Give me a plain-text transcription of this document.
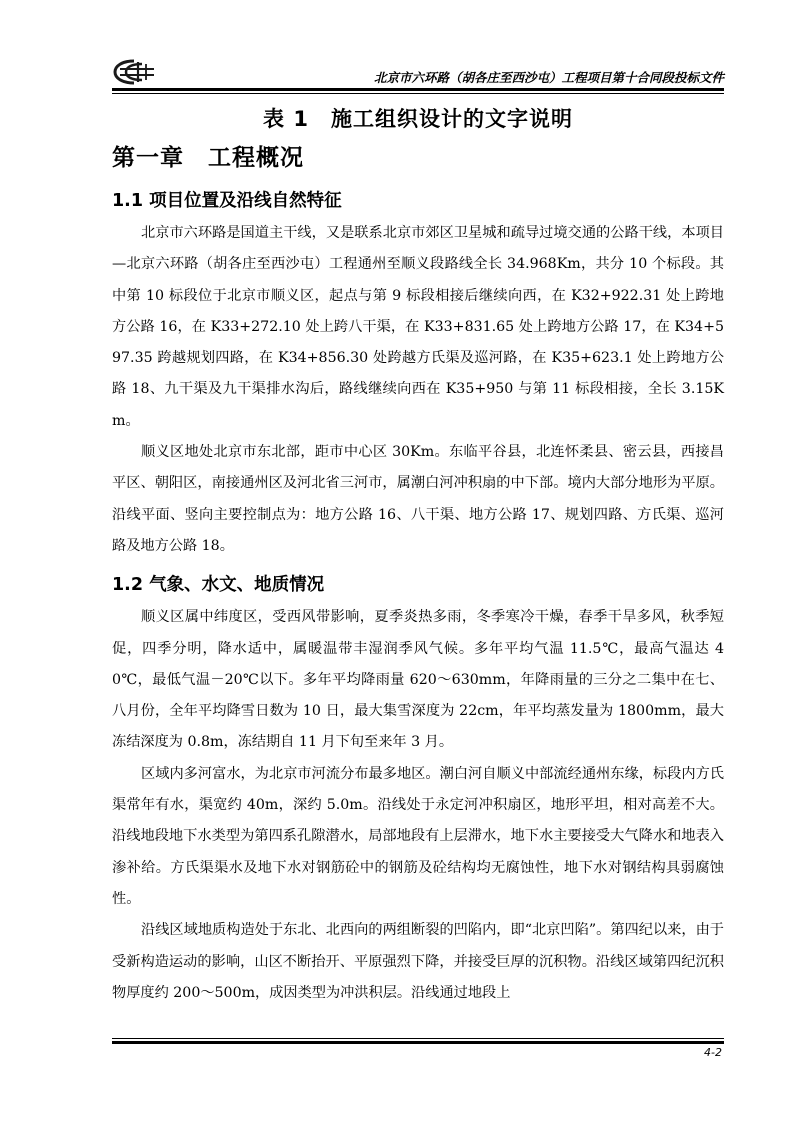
北京市六环路（胡各庄至西沙屯）工程项目第十合同段投标文件
表 1　施工组织设计的文字说明
第一章　工程概况
1.1 项目位置及沿线自然特征

北京市六环路是国道主干线，又是联系北京市郊区卫星城和疏导过境交通的公路干线，本项目—北京六环路（胡各庄至西沙屯）工程通州至顺义段路线全长 34.968Km，共分 10 个标段。其中第 10 标段位于北京市顺义区，起点与第 9 标段相接后继续向西，在 K32+922.31 处上跨地方公路 16，在 K33+272.10 处上跨八干渠，在 K33+831.65 处上跨地方公路 17，在 K34+597.35 跨越规划四路，在 K34+856.30 处跨越方氏渠及巡河路，在 K35+623.1 处上跨地方公路 18、九干渠及九干渠排水沟后，路线继续向西在 K35+950 与第 11 标段相接，全长 3.15Km。

顺义区地处北京市东北部，距市中心区 30Km。东临平谷县，北连怀柔县、密云县，西接昌平区、朝阳区，南接通州区及河北省三河市，属潮白河冲积扇的中下部。境内大部分地形为平原。沿线平面、竖向主要控制点为：地方公路 16、八干渠、地方公路 17、规划四路、方氏渠、巡河路及地方公路 18。

1.2 气象、水文、地质情况

顺义区属中纬度区，受西风带影响，夏季炎热多雨，冬季寒冷干燥，春季干旱多风，秋季短促，四季分明，降水适中，属暖温带丰湿润季风气候。多年平均气温 11.5℃，最高气温达 40℃，最低气温－20℃以下。多年平均降雨量 620～630mm，年降雨量的三分之二集中在七、八月份，全年平均降雪日数为 10 日，最大集雪深度为 22cm，年平均蒸发量为 1800mm，最大冻结深度为 0.8m，冻结期自 11 月下旬至来年 3 月。

区域内多河富水，为北京市河流分布最多地区。潮白河自顺义中部流经通州东缘，标段内方氏渠常年有水，渠宽约 40m，深约 5.0m。沿线处于永定河冲积扇区，地形平坦，相对高差不大。沿线地段地下水类型为第四系孔隙潜水，局部地段有上层滞水，地下水主要接受大气降水和地表入渗补给。方氏渠渠水及地下水对钢筋砼中的钢筋及砼结构均无腐蚀性，地下水对钢结构具弱腐蚀性。

沿线区域地质构造处于东北、北西向的两组断裂的凹陷内，即“北京凹陷”。第四纪以来，由于受新构造运动的影响，山区不断抬开、平原强烈下降，并接受巨厚的沉积物。沿线区域第四纪沉积物厚度约 200～500m，成因类型为冲洪积层。沿线通过地段上

4-2
